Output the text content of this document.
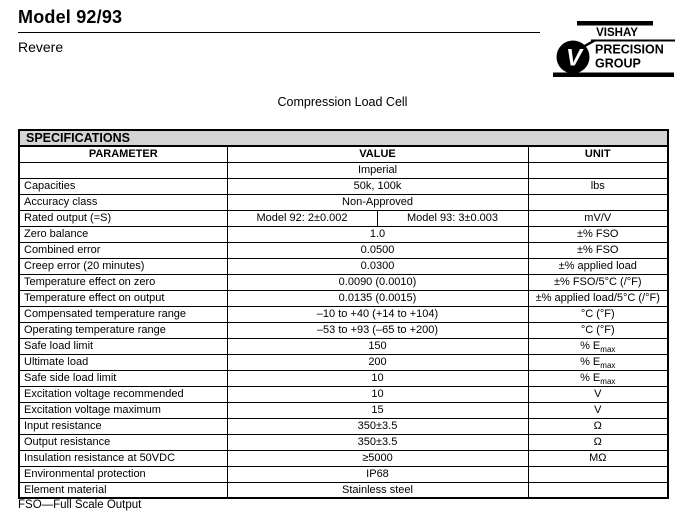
Model 92/93
Revere
VISHAY
V PRECISION
GROUP
Compression Load Cell
SPECIFICATIONS			
PARAMETER	VALUE		UNIT
	Imperial		
Capacities	50k, 100k		lbs
Accuracy class	Non-Approved		
Rated output (=S)	Model 92: 2±0.002	Model 93: 3±0.003	mV/V
Zero balance	1.0		±% FSO
Combined error	0.0500		±% FSO
Creep error (20 minutes)	0.0300		±% applied load
Temperature effect on zero	0.0090 (0.0010)		±% FSO/5°C (/°F)
Temperature effect on output	0.0135 (0.0015)		±% applied load/5°C (/°F)
Compensated temperature range	–10 to +40 (+14 to +104)		°C (°F)
Operating temperature range	–53 to +93 (–65 to +200)		°C (°F)
Safe load limit	150		% $E_{max}$
Ultimate load	200		% $E_{max}$
Safe side load limit	10		% $E_{max}$
Excitation voltage recommended	10		V
Excitation voltage maximum	15		V
Input resistance	350±3.5		Ω
Output resistance	350±3.5		Ω
Insulation resistance at 50VDC	≥5000		MΩ
Environmental protection	IP68		
Element material	Stainless steel		
FSO—Full Scale Output
